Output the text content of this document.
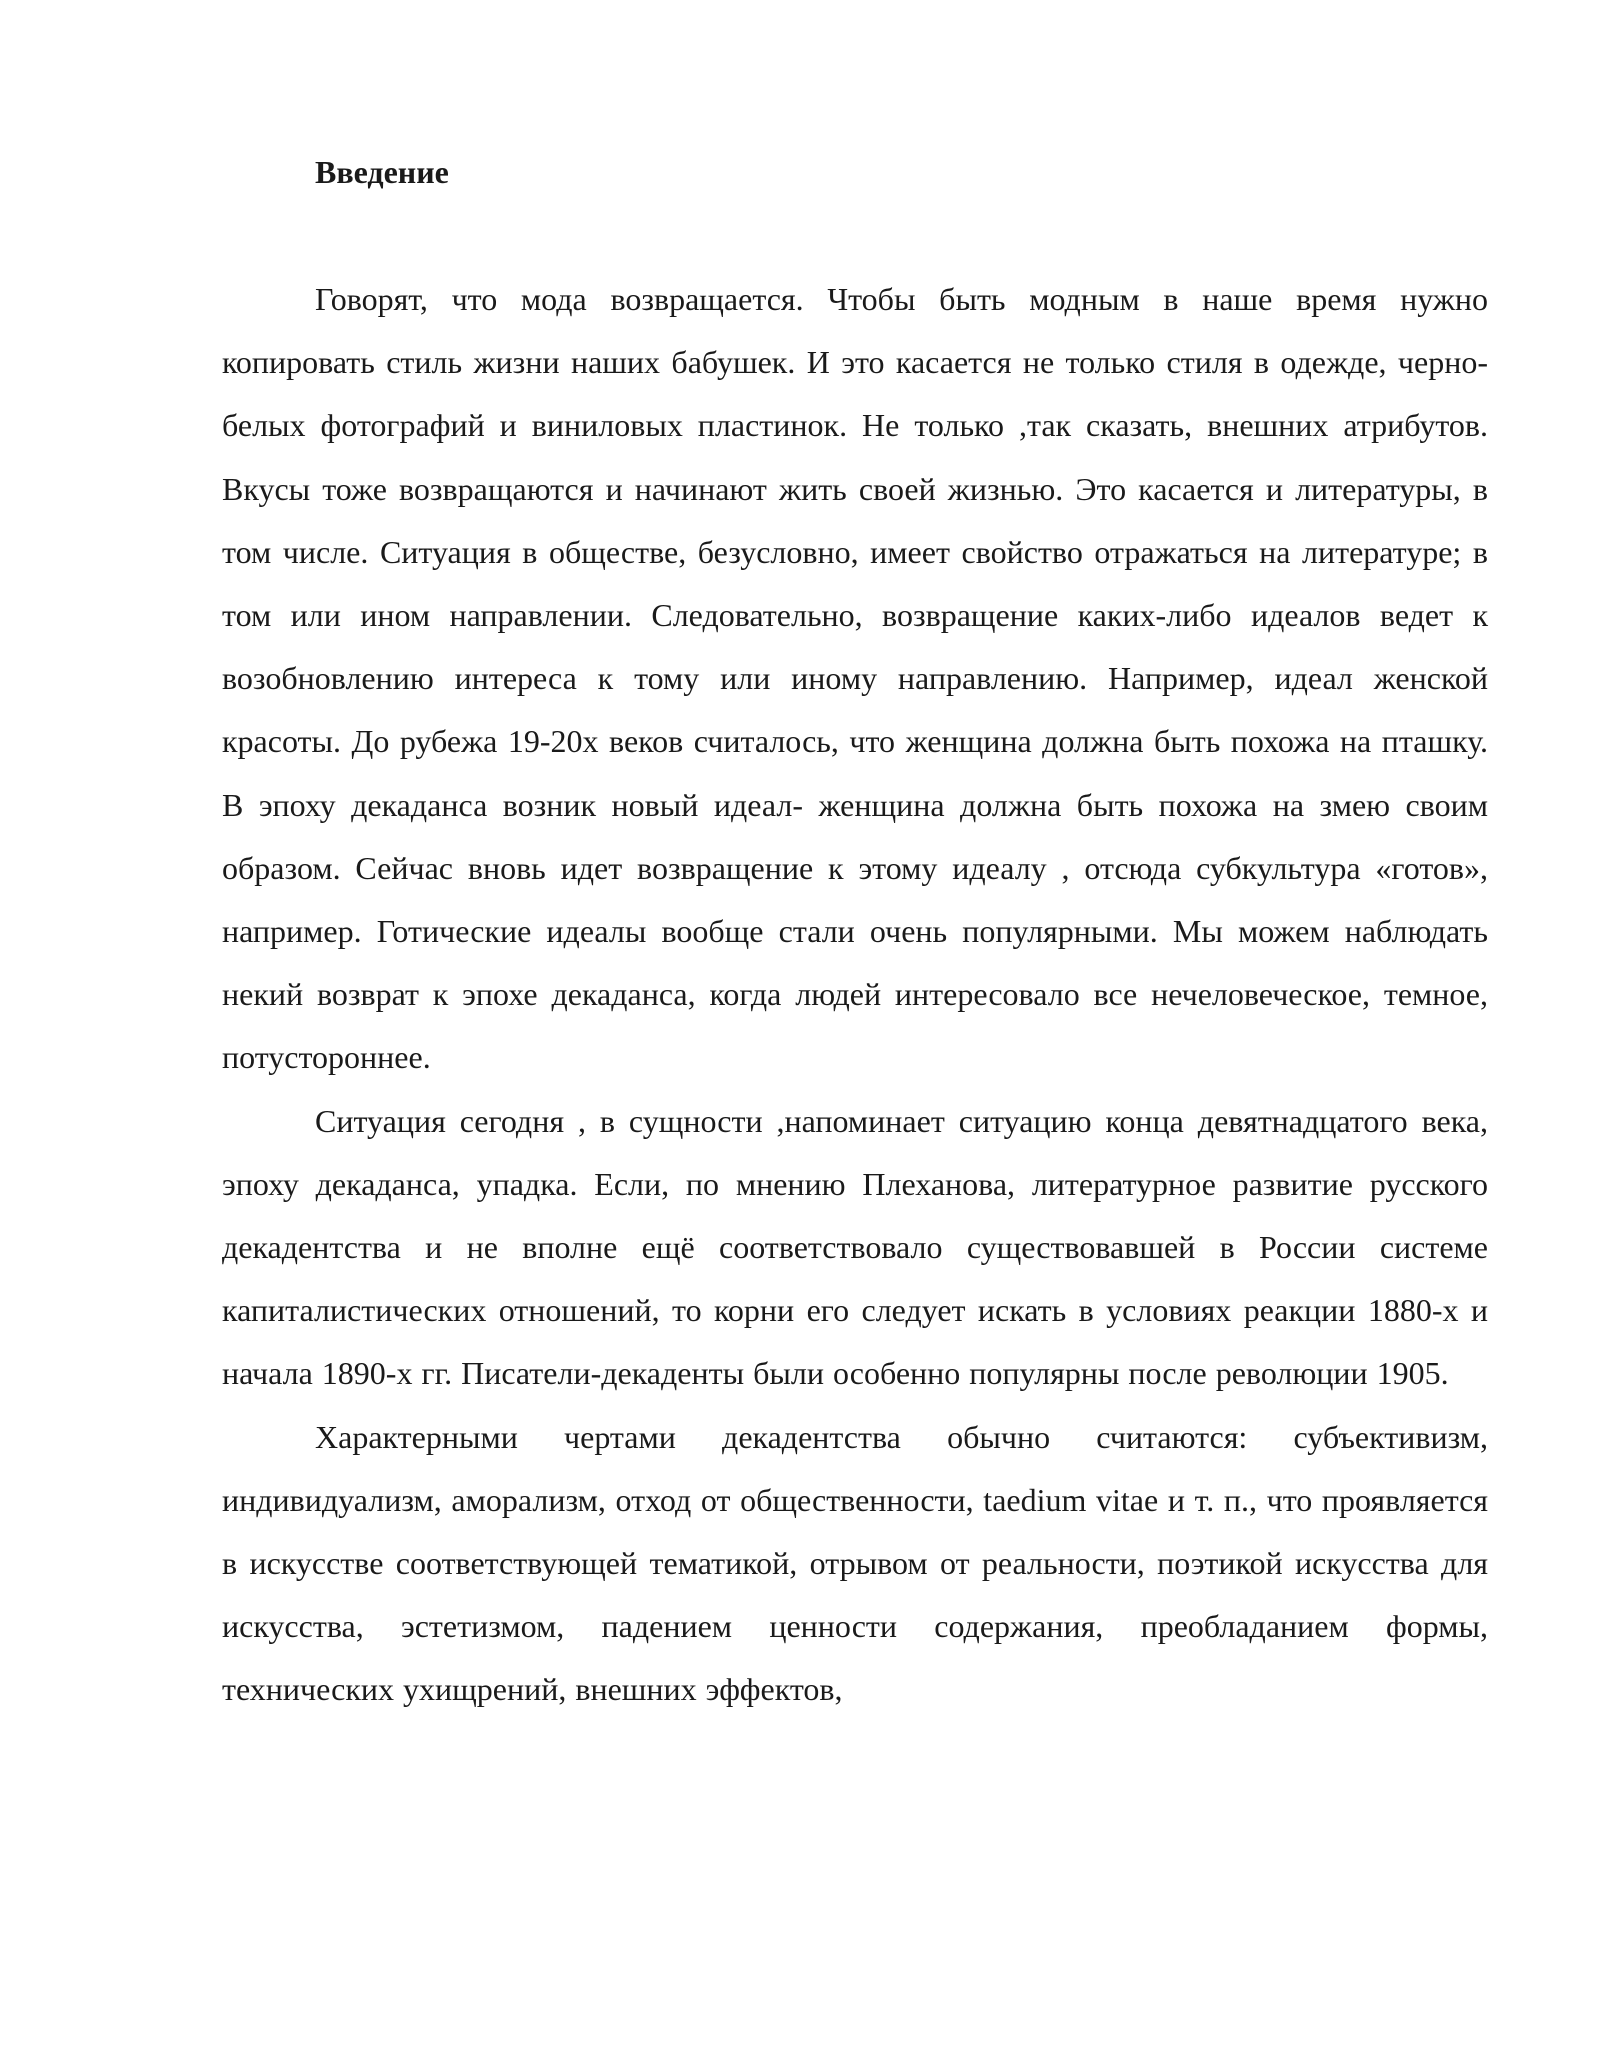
Введение

Говорят, что мода возвращается. Чтобы быть модным в наше время нужно копировать стиль жизни наших бабушек. И это касается не только стиля в одежде, черно-белых фотографий и виниловых пластинок. Не только ,так сказать, внешних атрибутов. Вкусы тоже возвращаются и начинают жить своей жизнью. Это касается и литературы, в том числе. Ситуация в обществе, безусловно, имеет свойство отражаться на литературе; в том или ином направлении. Следовательно, возвращение каких-либо идеалов ведет к возобновлению интереса к тому или иному направлению. Например, идеал женской красоты. До рубежа 19-20х веков считалось, что женщина должна быть похожа на пташку. В эпоху декаданса возник новый идеал- женщина должна быть похожа на змею своим образом. Сейчас вновь идет возвращение к этому идеалу , отсюда субкультура «готов», например. Готические идеалы вообще стали очень популярными. Мы можем наблюдать некий возврат к эпохе декаданса, когда людей интересовало все нечеловеческое, темное, потустороннее.

Ситуация сегодня , в сущности ,напоминает ситуацию конца девятнадцатого века, эпоху декаданса, упадка. Если, по мнению Плеханова, литературное развитие русского декадентства и не вполне ещё соответствовало существовавшей в России системе капиталистических отношений, то корни его следует искать в условиях реакции 1880-х и начала 1890-х гг. Писатели-декаденты были особенно популярны после революции 1905.

Характерными чертами декадентства обычно считаются: субъективизм, индивидуализм, аморализм, отход от общественности, taedium vitae и т. п., что проявляется в искусстве соответствующей тематикой, отрывом от реальности, поэтикой искусства для искусства, эстетизмом, падением ценности содержания, преобладанием формы, технических ухищрений, внешних эффектов,
